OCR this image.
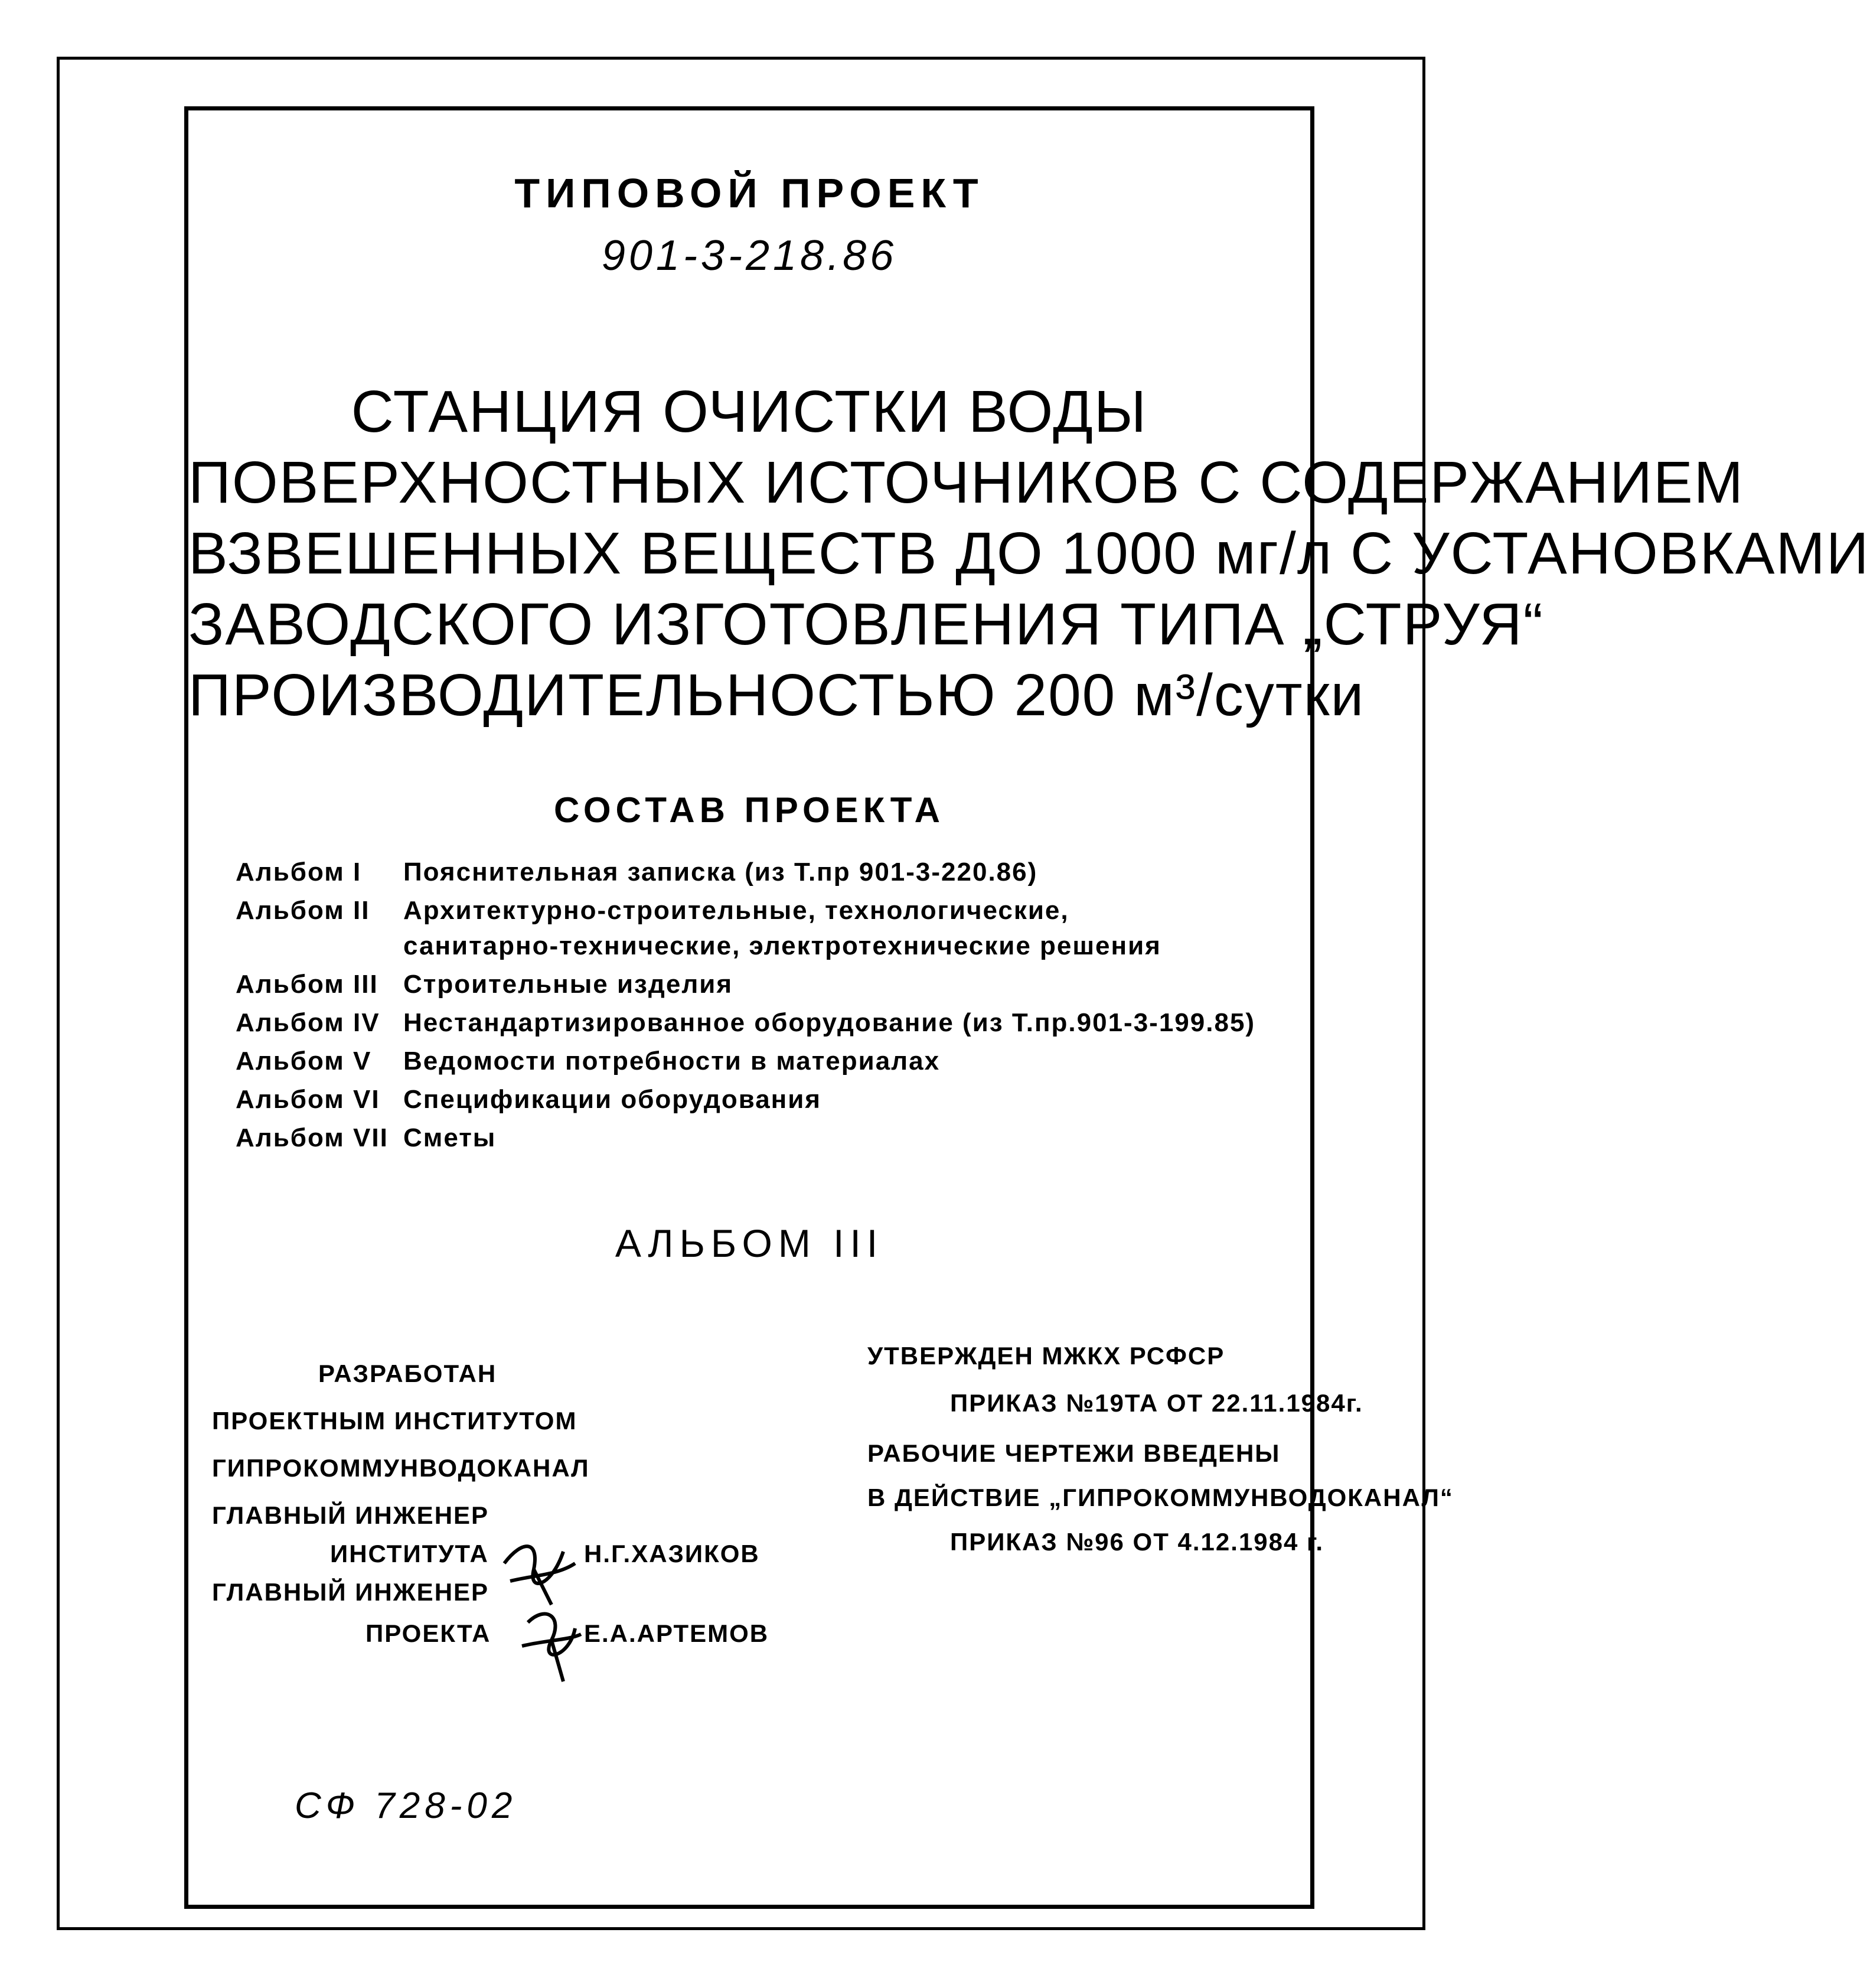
ТИПОВОЙ ПРОЕКТ
901-3-218.86
СТАНЦИЯ ОЧИСТКИ ВОДЫ
ПОВЕРХНОСТНЫХ ИСТОЧНИКОВ С СОДЕРЖАНИЕМ
ВЗВЕШЕННЫХ ВЕЩЕСТВ ДО 1000 мг/л С УСТАНОВКАМИ
ЗАВОДСКОГО ИЗГОТОВЛЕНИЯ ТИПА „СТРУЯ“
ПРОИЗВОДИТЕЛЬНОСТЬЮ 200 м³/сутки
СОСТАВ ПРОЕКТА
Альбом I Пояснительная записка (из Т.пр 901-3-220.86)
Альбом II Архитектурно-строительные, технологические,
санитарно-технические, электротехнические решения
Альбом III Строительные изделия
Альбом IV Нестандартизированное оборудование (из Т.пр.901-3-199.85)
Альбом V Ведомости потребности в материалах
Альбом VI Спецификации оборудования
Альбом VII Сметы
АЛЬБОМ III
РАЗРАБОТАН
ПРОЕКТНЫМ ИНСТИТУТОМ
ГИПРОКОММУНВОДОКАНАЛ
ГЛАВНЫЙ ИНЖЕНЕР
ИНСТИТУТА	Н.Г.ХАЗИКОВ
ГЛАВНЫЙ ИНЖЕНЕР
ПРОЕКТА	Е.А.АРТЕМОВ
УТВЕРЖДЕН МЖКХ РСФСР
ПРИКАЗ №19ТА ОТ 22.11.1984г.
РАБОЧИЕ ЧЕРТЕЖИ ВВЕДЕНЫ
В ДЕЙСТВИЕ „ГИПРОКОММУНВОДОКАНАЛ“
ПРИКАЗ №96 ОТ 4.12.1984 г.
СФ 728-02
